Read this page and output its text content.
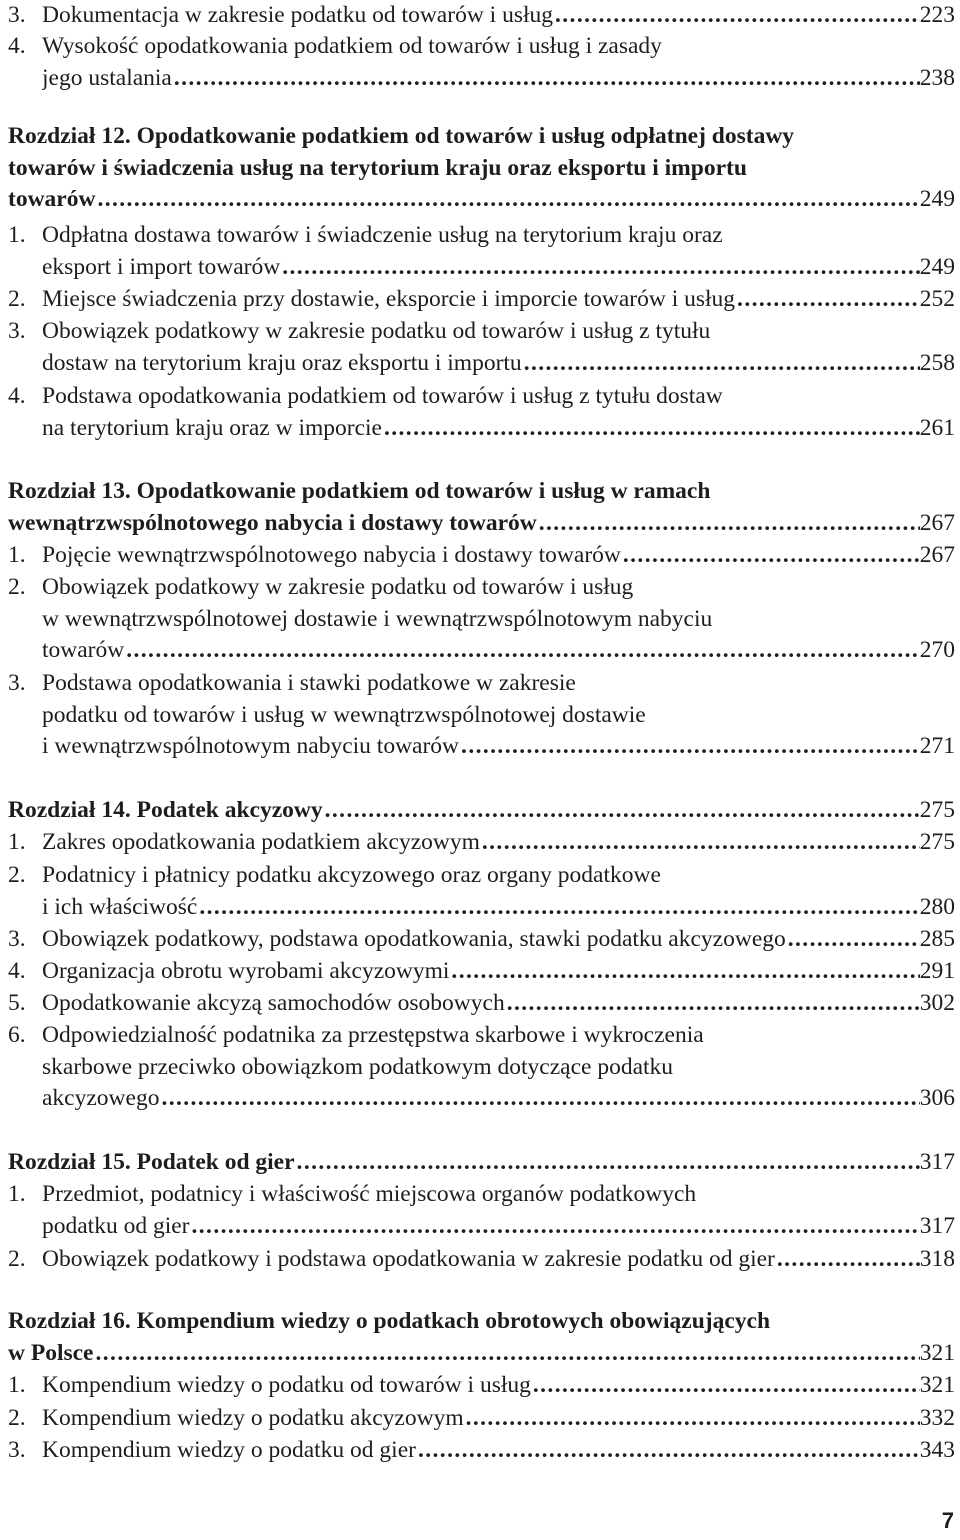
3. Dokumentacja w zakresie podatku od towarów i usług .....	223
4. Wysokość opodatkowania podatkiem od towarów i usług i zasady
jego ustalania .....	238
Rozdział 12. Opodatkowanie podatkiem od towarów i usług odpłatnej dostawy
towarów i świadczenia usług na terytorium kraju oraz eksportu i importu
towarów .....	249
1. Odpłatna dostawa towarów i świadczenie usług na terytorium kraju oraz
eksport i import towarów .....	249
2. Miejsce świadczenia przy dostawie, eksporcie i imporcie towarów i usług .....	252
3. Obowiązek podatkowy w zakresie podatku od towarów i usług z tytułu
dostaw na terytorium kraju oraz eksportu i importu .....	258
4. Podstawa opodatkowania podatkiem od towarów i usług z tytułu dostaw
na terytorium kraju oraz w imporcie .....	261
Rozdział 13. Opodatkowanie podatkiem od towarów i usług w ramach
wewnątrzwspólnotowego nabycia i dostawy towarów .....	267
1. Pojęcie wewnątrzwspólnotowego nabycia i dostawy towarów .....	267
2. Obowiązek podatkowy w zakresie podatku od towarów i usług
w wewnątrzwspólnotowej dostawie i wewnątrzwspólnotowym nabyciu
towarów .....	270
3. Podstawa opodatkowania i stawki podatkowe w zakresie
podatku od towarów i usług w wewnątrzwspólnotowej dostawie
i wewnątrzwspólnotowym nabyciu towarów .....	271
Rozdział 14. Podatek akcyzowy .....	275
1. Zakres opodatkowania podatkiem akcyzowym .....	275
2. Podatnicy i płatnicy podatku akcyzowego oraz organy podatkowe
i ich właściwość .....	280
3. Obowiązek podatkowy, podstawa opodatkowania, stawki podatku akcyzowego .....	285
4. Organizacja obrotu wyrobami akcyzowymi .....	291
5. Opodatkowanie akcyzą samochodów osobowych .....	302
6. Odpowiedzialność podatnika za przestępstwa skarbowe i wykroczenia
skarbowe przeciwko obowiązkom podatkowym dotyczące podatku
akcyzowego .....	306
Rozdział 15. Podatek od gier .....	317
1. Przedmiot, podatnicy i właściwość miejscowa organów podatkowych
podatku od gier .....	317
2. Obowiązek podatkowy i podstawa opodatkowania w zakresie podatku od gier .....	318
Rozdział 16. Kompendium wiedzy o podatkach obrotowych obowiązujących
w Polsce .....	321
1. Kompendium wiedzy o podatku od towarów i usług .....	321
2. Kompendium wiedzy o podatku akcyzowym .....	332
3. Kompendium wiedzy o podatku od gier .....	343
7
